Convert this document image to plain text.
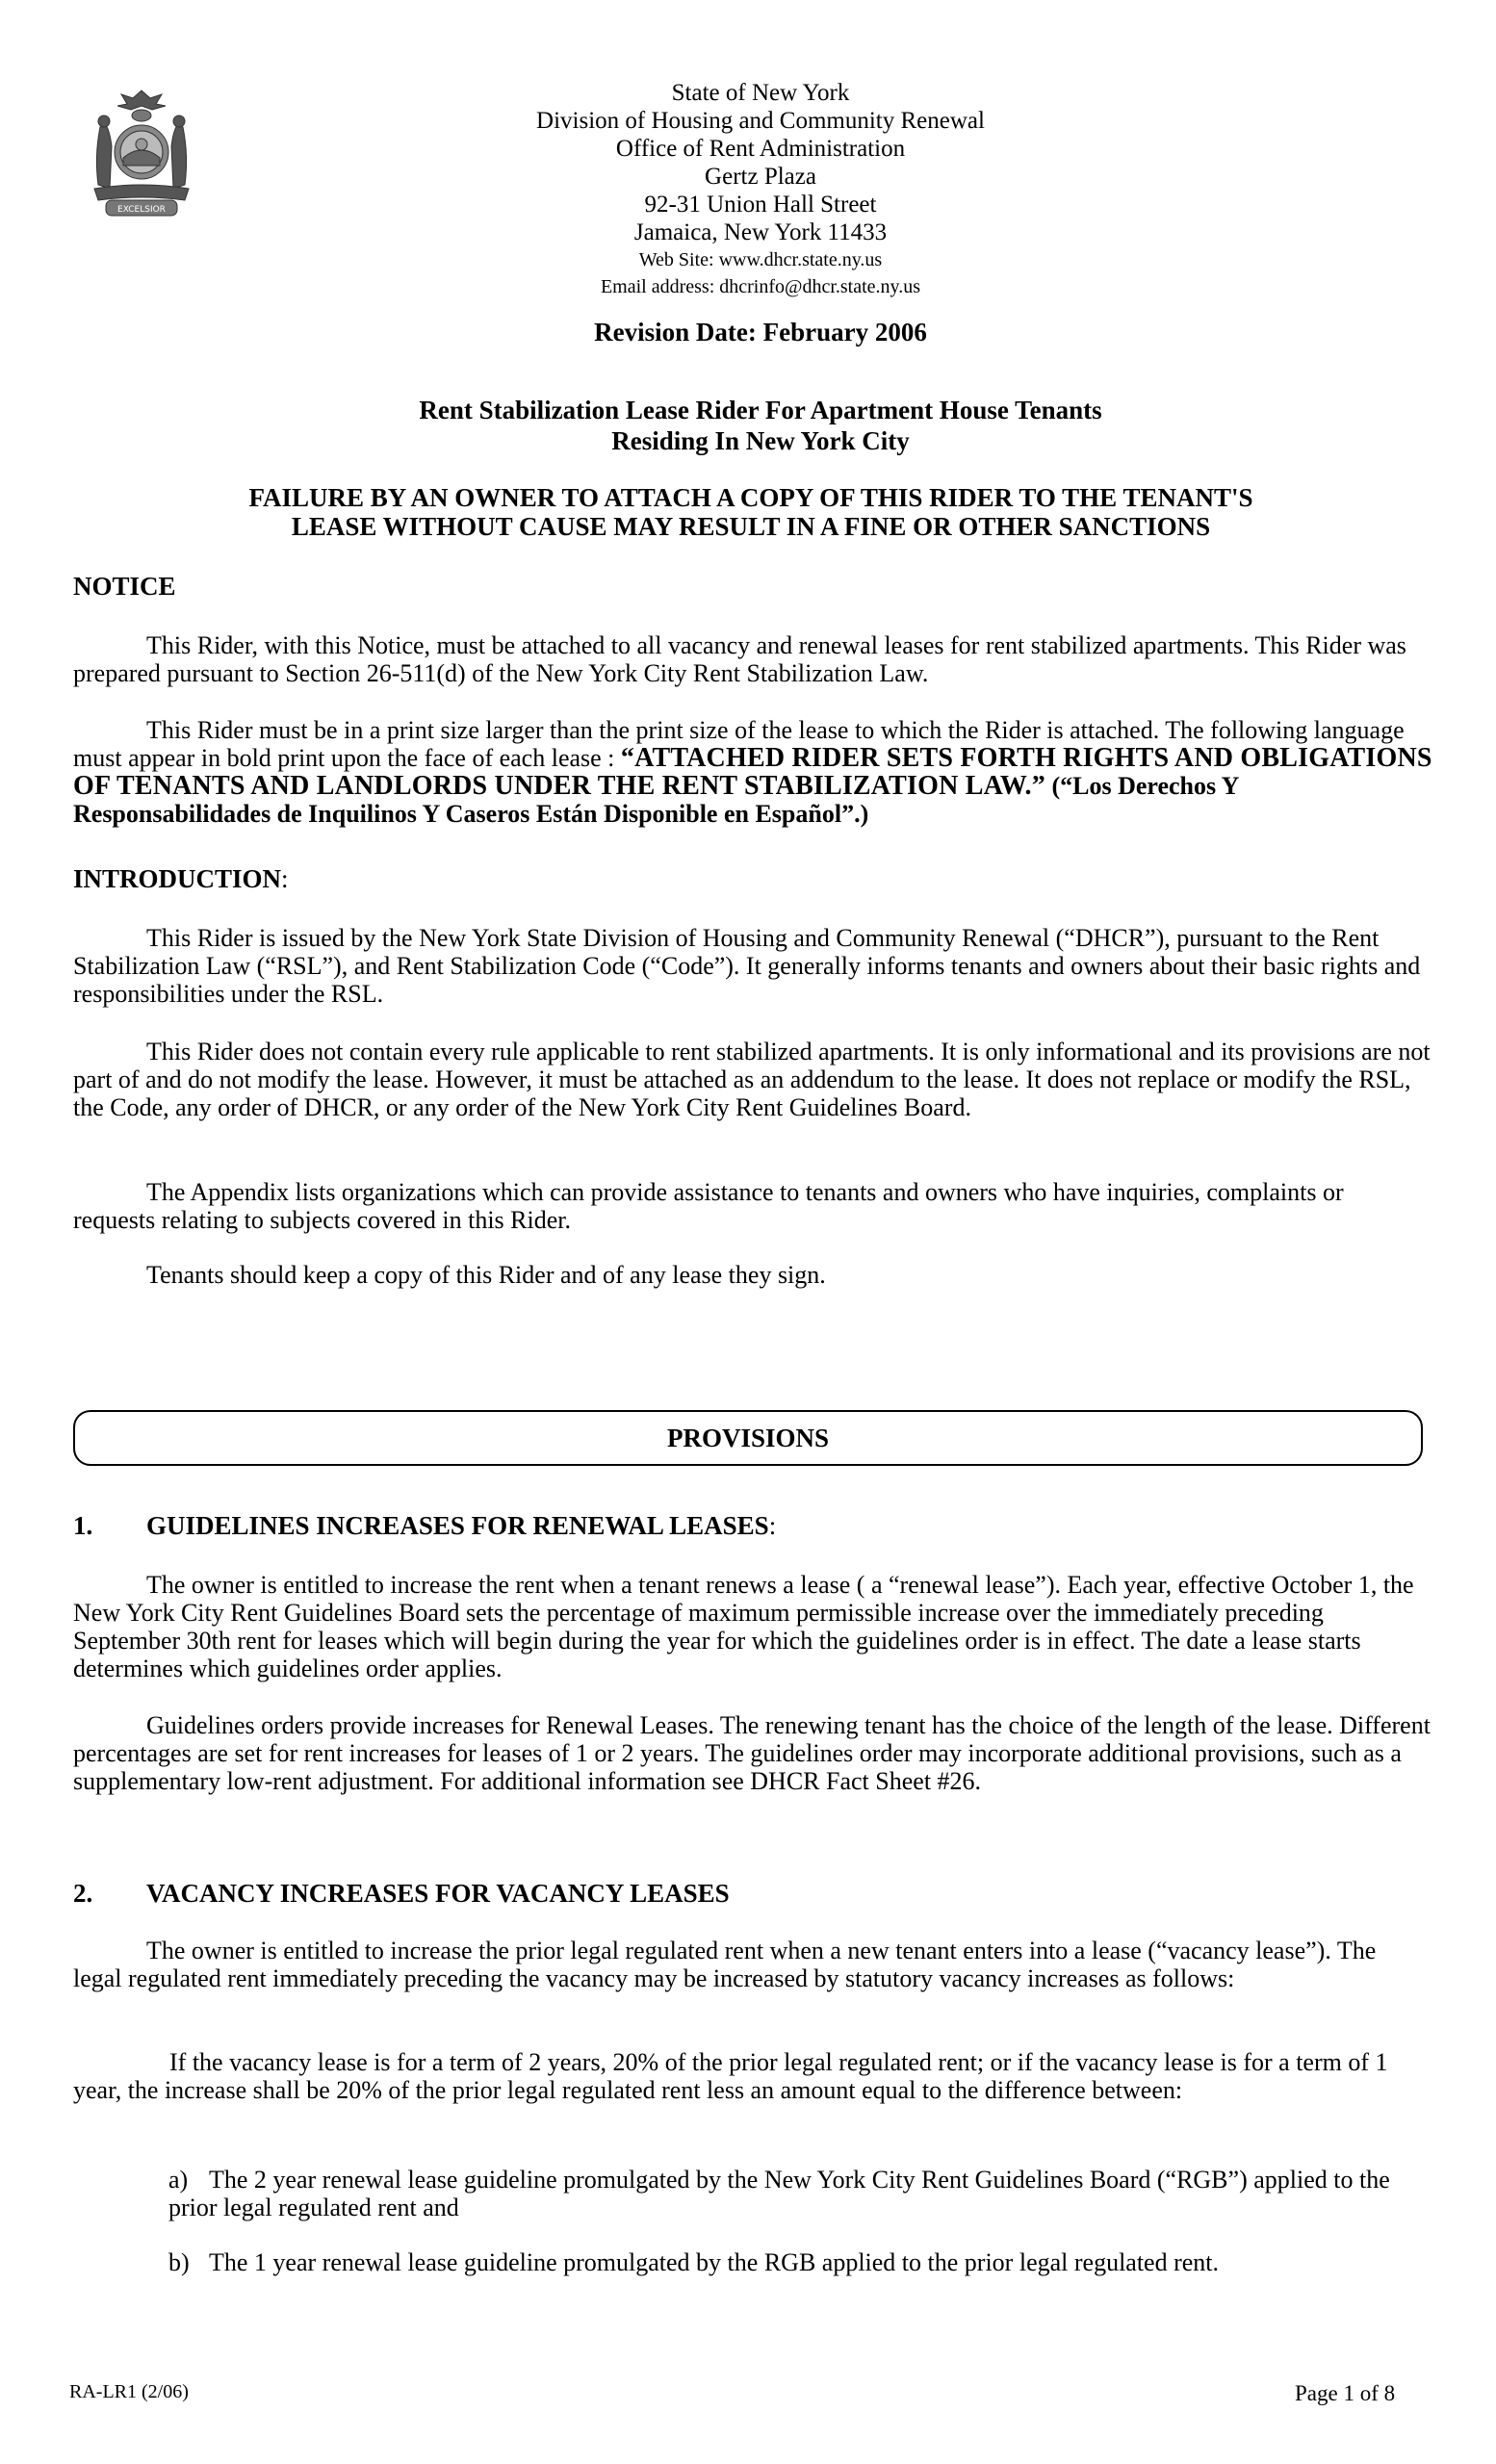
EXCELSIOR
State of New York
Division of Housing and Community Renewal
Office of Rent Administration
Gertz Plaza
92-31 Union Hall Street
Jamaica, New York 11433
Web Site: www.dhcr.state.ny.us
Email address: dhcrinfo@dhcr.state.ny.us
Revision Date: February 2006
Rent Stabilization Lease Rider For Apartment House Tenants
Residing In New York City
FAILURE BY AN OWNER TO ATTACH A COPY OF THIS RIDER TO THE TENANT'S
LEASE WITHOUT CAUSE MAY RESULT IN A FINE OR OTHER SANCTIONS
NOTICE

This Rider, with this Notice, must be attached to all vacancy and renewal leases for rent stabilized apartments. This Rider was prepared pursuant to Section 26-511(d) of the New York City Rent Stabilization Law.

This Rider must be in a print size larger than the print size of the lease to which the Rider is attached. The following language must appear in bold print upon the face of each lease : “ATTACHED RIDER SETS FORTH RIGHTS AND OBLIGATIONS OF TENANTS AND LANDLORDS UNDER THE RENT STABILIZATION LAW.” (“Los Derechos Y Responsabilidades de Inquilinos Y Caseros Están Disponible en Español”.)

INTRODUCTION:

This Rider is issued by the New York State Division of Housing and Community Renewal (“DHCR”), pursuant to the Rent Stabilization Law (“RSL”), and Rent Stabilization Code (“Code”). It generally informs tenants and owners about their basic rights and responsibilities under the RSL.

This Rider does not contain every rule applicable to rent stabilized apartments. It is only informational and its provisions are not part of and do not modify the lease. However, it must be attached as an addendum to the lease. It does not replace or modify the RSL, the Code, any order of DHCR, or any order of the New York City Rent Guidelines Board.

The Appendix lists organizations which can provide assistance to tenants and owners who have inquiries, complaints or requests relating to subjects covered in this Rider.

Tenants should keep a copy of this Rider and of any lease they sign.

PROVISIONS
1. GUIDELINES INCREASES FOR RENEWAL LEASES:

The owner is entitled to increase the rent when a tenant renews a lease ( a “renewal lease”). Each year, effective October 1, the New York City Rent Guidelines Board sets the percentage of maximum permissible increase over the immediately preceding September 30th rent for leases which will begin during the year for which the guidelines order is in effect. The date a lease starts determines which guidelines order applies.

Guidelines orders provide increases for Renewal Leases. The renewing tenant has the choice of the length of the lease. Different percentages are set for rent increases for leases of 1 or 2 years. The guidelines order may incorporate additional provisions, such as a supplementary low-rent adjustment. For additional information see DHCR Fact Sheet #26.

2. VACANCY INCREASES FOR VACANCY LEASES

The owner is entitled to increase the prior legal regulated rent when a new tenant enters into a lease (“vacancy lease”). The legal regulated rent immediately preceding the vacancy may be increased by statutory vacancy increases as follows:

If the vacancy lease is for a term of 2 years, 20% of the prior legal regulated rent; or if the vacancy lease is for a term of 1 year, the increase shall be 20% of the prior legal regulated rent less an amount equal to the difference between:

a) The 2 year renewal lease guideline promulgated by the New York City Rent Guidelines Board (“RGB”) applied to the prior legal regulated rent and
b) The 1 year renewal lease guideline promulgated by the RGB applied to the prior legal regulated rent.
RA-LR1 (2/06)	Page 1 of 8
